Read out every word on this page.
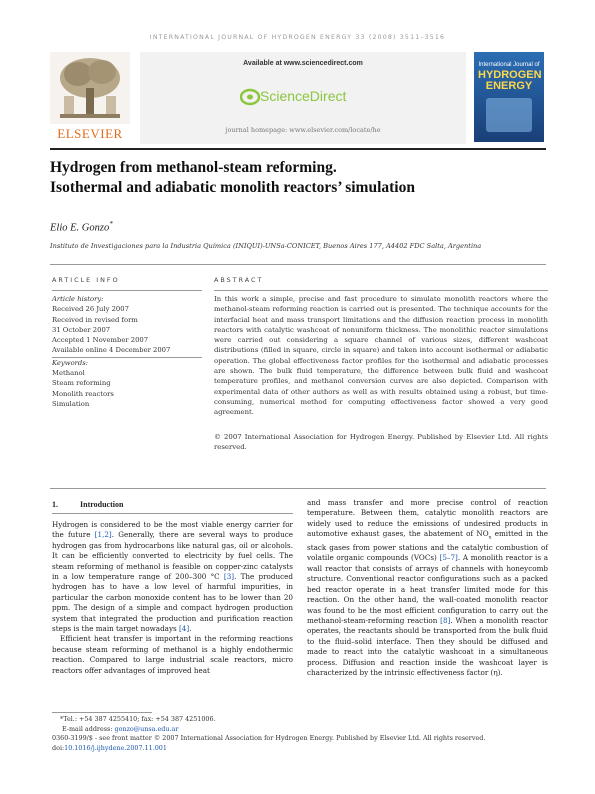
INTERNATIONAL JOURNAL OF HYDROGEN ENERGY 33 (2008) 3511–3516
ELSEVIER
Available at www.sciencedirect.com
ScienceDirect
journal homepage: www.elsevier.com/locate/he
International Journal of
HYDROGEN ENERGY
Hydrogen from methanol-steam reforming.
Isothermal and adiabatic monolith reactors’ simulation
Elio E. Gonzo*
Instituto de Investigaciones para la Industria Química (INIQUI)-UNSa-CONICET, Buenos Aires 177, A4402 FDC Salta, Argentina
ARTICLE INFO	ABSTRACT
Article history:
Received 26 July 2007
Received in revised form
31 October 2007
Accepted 1 November 2007
Available online 4 December 2007
Keywords:
Methanol
Steam reforming
Monolith reactors
Simulation
In this work a simple, precise and fast procedure to simulate monolith reactors where the methanol-steam reforming reaction is carried out is presented. The technique accounts for the interfacial heat and mass transport limitations and the diffusion reaction process in monolith reactors with catalytic washcoat of nonuniform thickness. The monolithic reactor simulations were carried out considering a square channel of various sizes, different washcoat distributions (filled in square, circle in square) and taken into account isothermal or adiabatic operation. The global effectiveness factor profiles for the isothermal and adiabatic processes are shown. The bulk fluid temperature, the difference between bulk fluid and washcoat temperature profiles, and methanol conversion curves are also depicted. Comparison with experimental data of other authors as well as with results obtained using a robust, but time-consuming, numerical method for computing effectiveness factor showed a very good agreement.
© 2007 International Association for Hydrogen Energy. Published by Elsevier Ltd. All rights reserved.
1.	Introduction

Hydrogen is considered to be the most viable energy carrier for the future [1,2]. Generally, there are several ways to produce hydrogen gas from hydrocarbons like natural gas, oil or alcohols. It can be efficiently converted to electricity by fuel cells. The steam reforming of methanol is feasible on copper-zinc catalysts in a low temperature range of 200–300 °C [3]. The produced hydrogen has to have a low level of harmful impurities, in particular the carbon monoxide content has to be lower than 20 ppm. The design of a simple and compact hydrogen production system that integrated the production and purification reaction steps is the main target nowadays [4].

Efficient heat transfer is important in the reforming reactions because steam reforming of methanol is a highly endothermic reaction. Compared to large industrial scale reactors, micro reactors offer advantages of improved heat

and mass transfer and more precise control of reaction temperature. Between them, catalytic monolith reactors are widely used to reduce the emissions of undesired products in automotive exhaust gases, the abatement of $NO_x$ emitted in the stack gases from power stations and the catalytic combustion of volatile organic compounds (VOCs) [5–7]. A monolith reactor is a wall reactor that consists of arrays of channels with honeycomb structure. Conventional reactor configurations such as a packed bed reactor operate in a heat transfer limited mode for this reaction. On the other hand, the wall-coated monolith reactor was found to be the most efficient configuration to carry out the methanol-steam-reforming reaction [8]. When a monolith reactor operates, the reactants should be transported from the bulk fluid to the fluid–solid interface. Then they should be diffused and made to react into the catalytic washcoat in a simultaneous process. Diffusion and reaction inside the washcoat layer is characterized by the intrinsic effectiveness factor (η).

*Tel.: +54 387 4255410; fax: +54 387 4251006.
E-mail address: gonzo@unsa.edu.ar
0360-3199/$ - see front matter © 2007 International Association for Hydrogen Energy. Published by Elsevier Ltd. All rights reserved.
doi:10.1016/j.ijhydene.2007.11.001
